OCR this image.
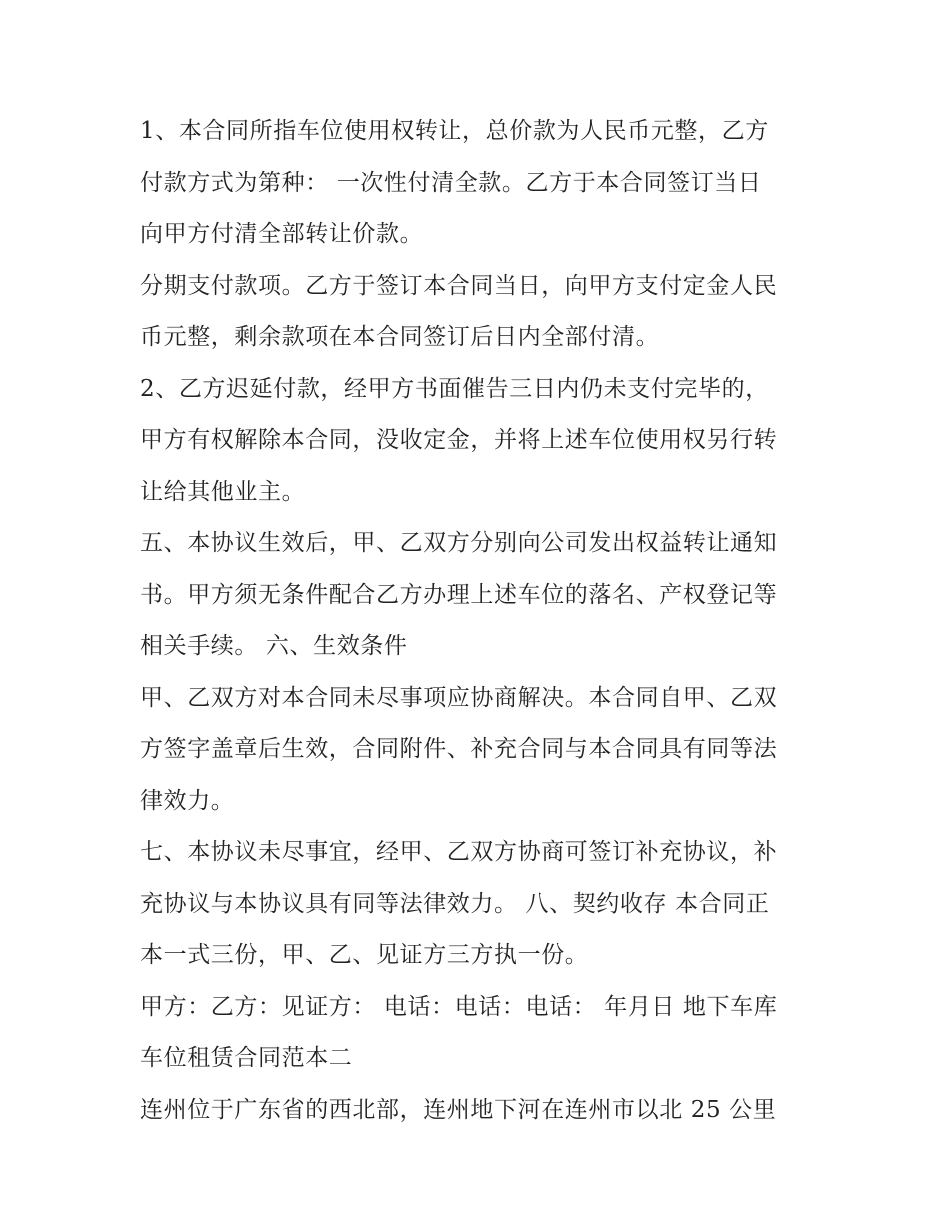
1、本合同所指车位使用权转让，总价款为人民币元整，乙方
付款方式为第种： 一次性付清全款。乙方于本合同签订当日
向甲方付清全部转让价款。
分期支付款项。乙方于签订本合同当日，向甲方支付定金人民
币元整，剩余款项在本合同签订后日内全部付清。
2、乙方迟延付款，经甲方书面催告三日内仍未支付完毕的，
甲方有权解除本合同，没收定金，并将上述车位使用权另行转
让给其他业主。
五、本协议生效后，甲、乙双方分别向公司发出权益转让通知
书。甲方须无条件配合乙方办理上述车位的落名、产权登记等
相关手续。 六、生效条件
甲、乙双方对本合同未尽事项应协商解决。本合同自甲、乙双
方签字盖章后生效，合同附件、补充合同与本合同具有同等法
律效力。
七、本协议未尽事宜，经甲、乙双方协商可签订补充协议，补
充协议与本协议具有同等法律效力。 八、契约收存 本合同正
本一式三份，甲、乙、见证方三方执一份。
甲方：乙方：见证方： 电话：电话：电话： 年月日 地下车库
车位租赁合同范本二
连州位于广东省的西北部，连州地下河在连州市以北 25 公里
